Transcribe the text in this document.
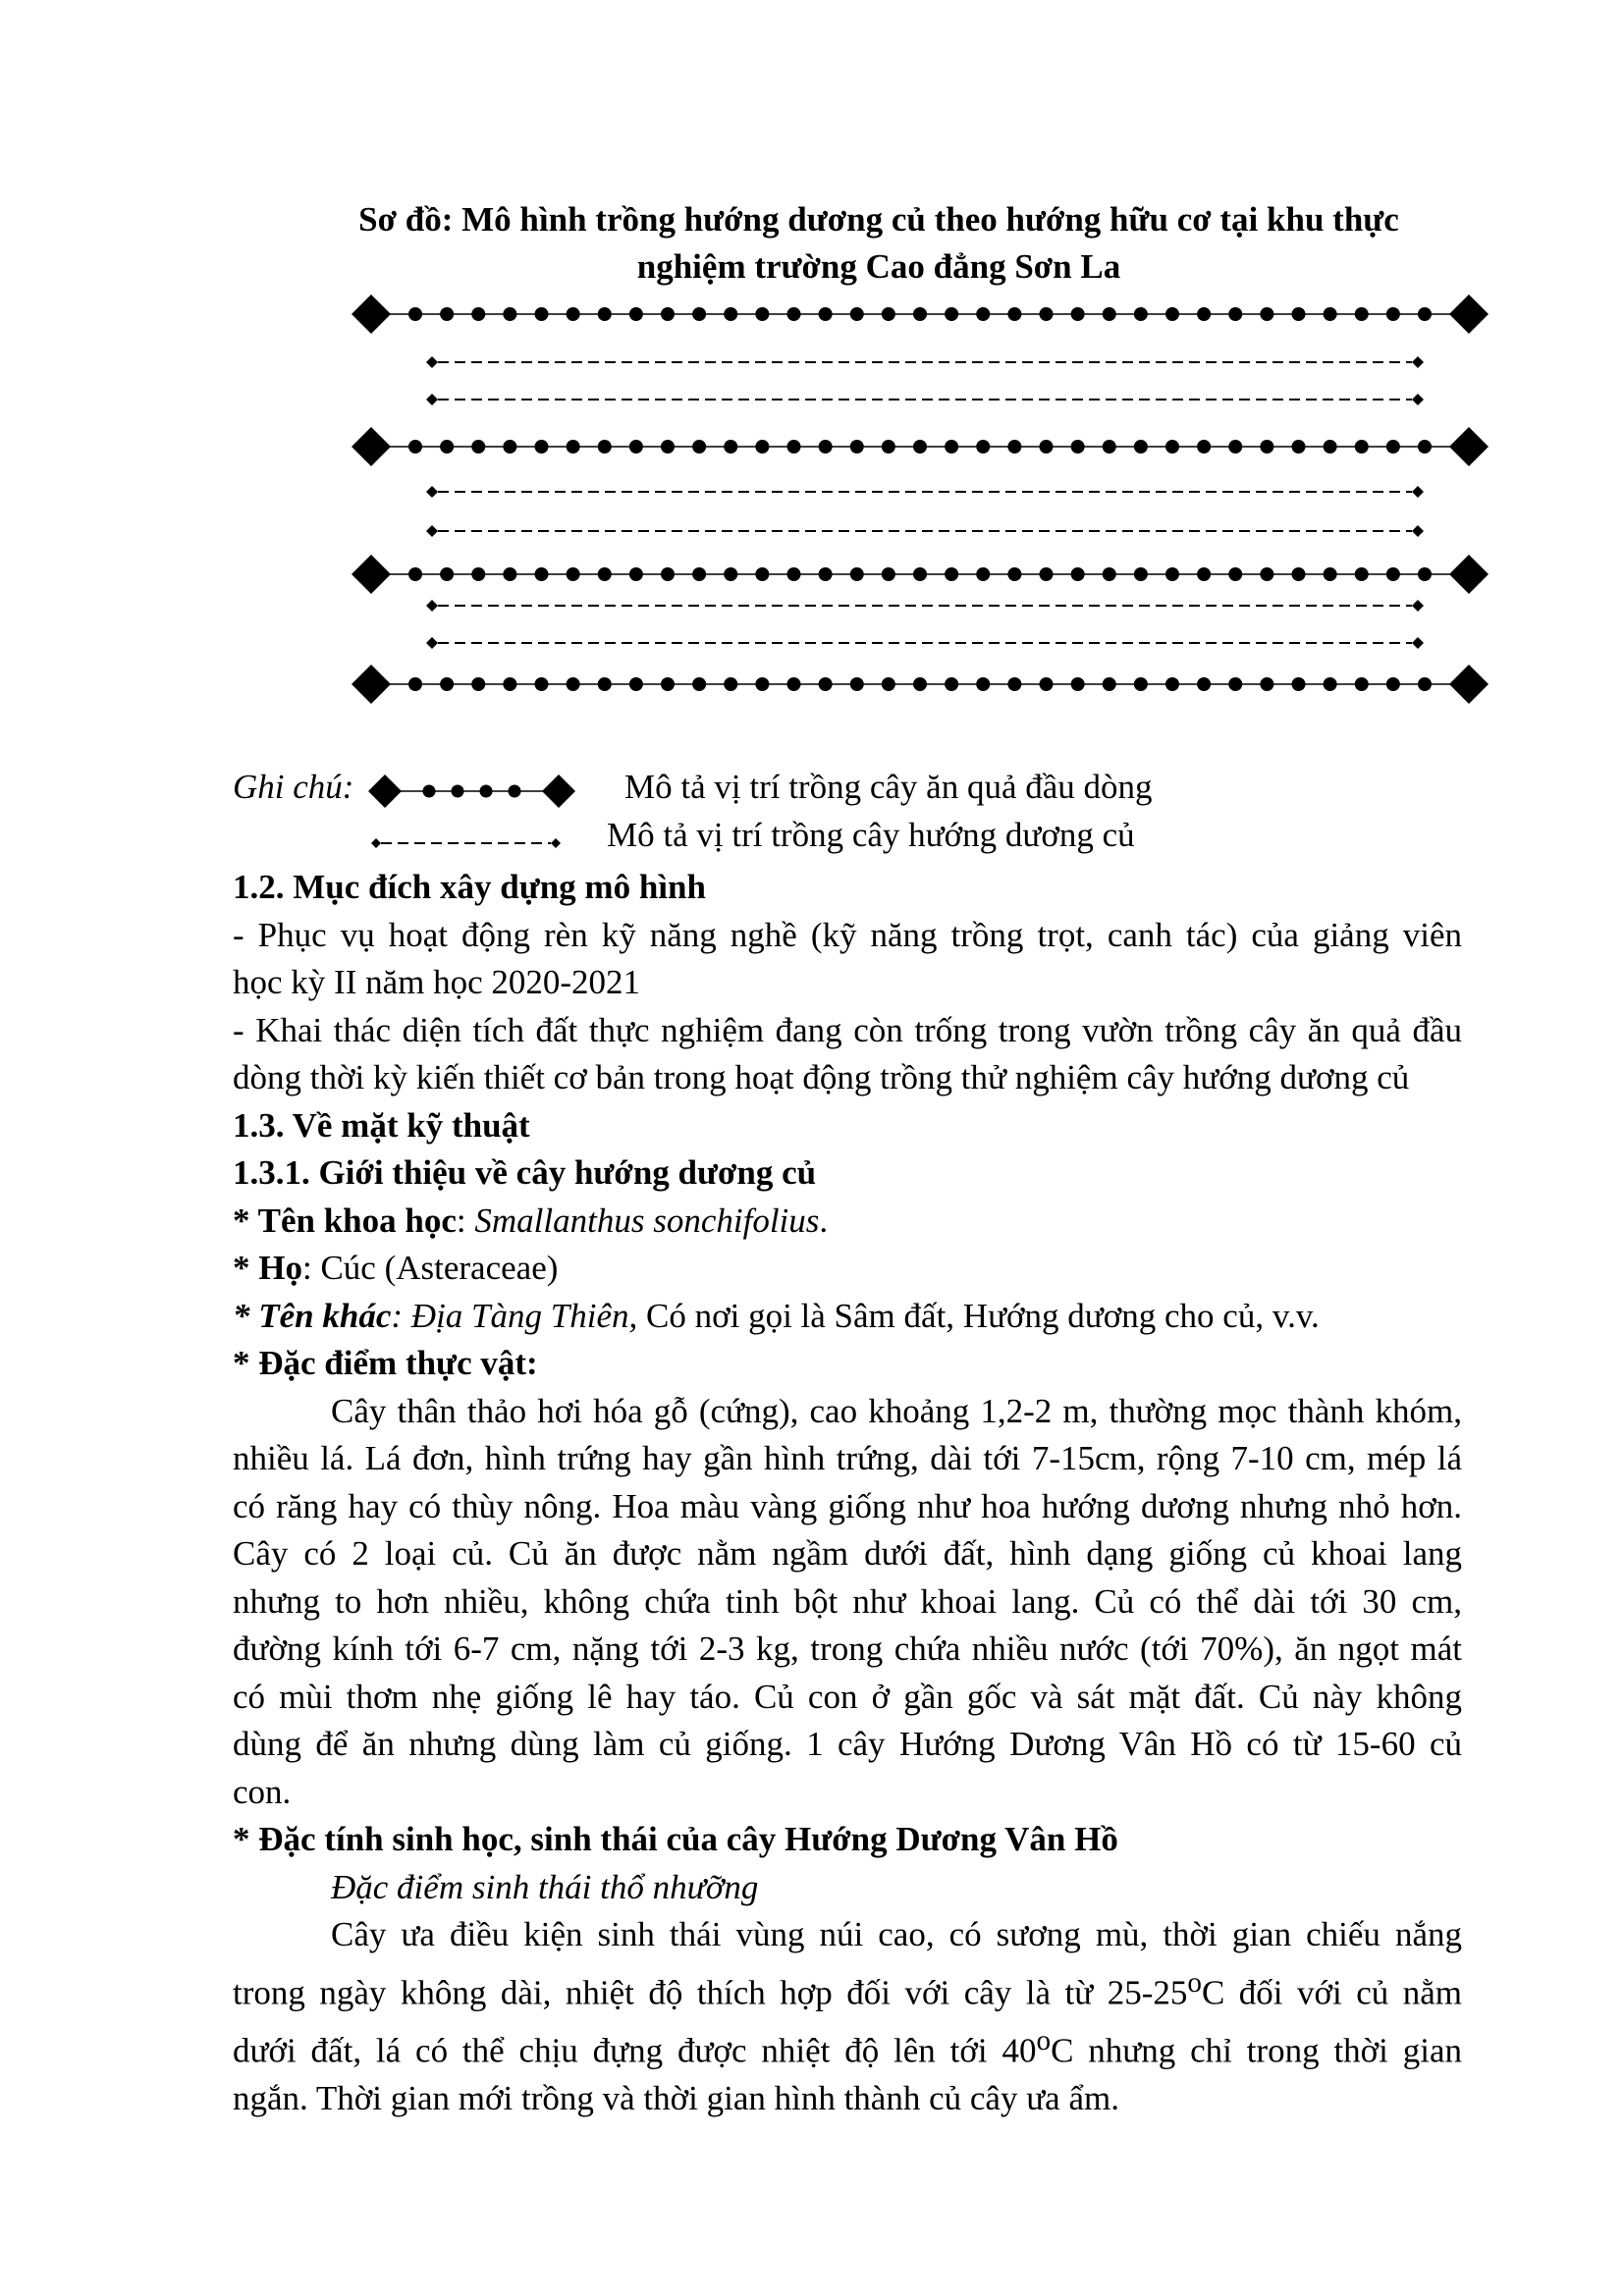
Sơ đồ: Mô hình trồng hướng dương củ theo hướng hữu cơ tại khu thực
nghiệm trường Cao đẳng Sơn La
Ghi chú:	Mô tả vị trí trồng cây ăn quả đầu dòng
Mô tả vị trí trồng cây hướng dương củ

1.2. Mục đích xây dựng mô hình

- Phục vụ hoạt động rèn kỹ năng nghề (kỹ năng trồng trọt, canh tác) của giảng viên

học kỳ II năm học 2020-2021

- Khai thác diện tích đất thực nghiệm đang còn trống trong vườn trồng cây ăn quả đầu

dòng thời kỳ kiến thiết cơ bản trong hoạt động trồng thử nghiệm cây hướng dương củ

1.3. Về mặt kỹ thuật

1.3.1. Giới thiệu về cây hướng dương củ

* Tên khoa học: Smallanthus sonchifolius.

* Họ: Cúc (Asteraceae)

* Tên khác: Địa Tàng Thiên, Có nơi gọi là Sâm đất, Hướng dương cho củ, v.v.

* Đặc điểm thực vật:

Cây thân thảo hơi hóa gỗ (cứng), cao khoảng 1,2-2 m, thường mọc thành khóm,

nhiều lá. Lá đơn, hình trứng hay gần hình trứng, dài tới 7-15cm, rộng 7-10 cm, mép lá

có răng hay có thùy nông. Hoa màu vàng giống như hoa hướng dương nhưng nhỏ hơn.

Cây có 2 loại củ. Củ ăn được nằm ngầm dưới đất, hình dạng giống củ khoai lang

nhưng to hơn nhiều, không chứa tinh bột như khoai lang. Củ có thể dài tới 30 cm,

đường kính tới 6-7 cm, nặng tới 2-3 kg, trong chứa nhiều nước (tới 70%), ăn ngọt mát

có mùi thơm nhẹ giống lê hay táo. Củ con ở gần gốc và sát mặt đất. Củ này không

dùng để ăn nhưng dùng làm củ giống. 1 cây Hướng Dương Vân Hồ có từ 15-60 củ

con.

* Đặc tính sinh học, sinh thái của cây Hướng Dương Vân Hồ

Đặc điểm sinh thái thổ nhưỡng

Cây ưa điều kiện sinh thái vùng núi cao, có sương mù, thời gian chiếu nắng

trong ngày không dài, nhiệt độ thích hợp đối với cây là từ 25-25$^o$C đối với củ nằm

dưới đất, lá có thể chịu đựng được nhiệt độ lên tới 40$^o$C nhưng chỉ trong thời gian

ngắn. Thời gian mới trồng và thời gian hình thành củ cây ưa ẩm.
